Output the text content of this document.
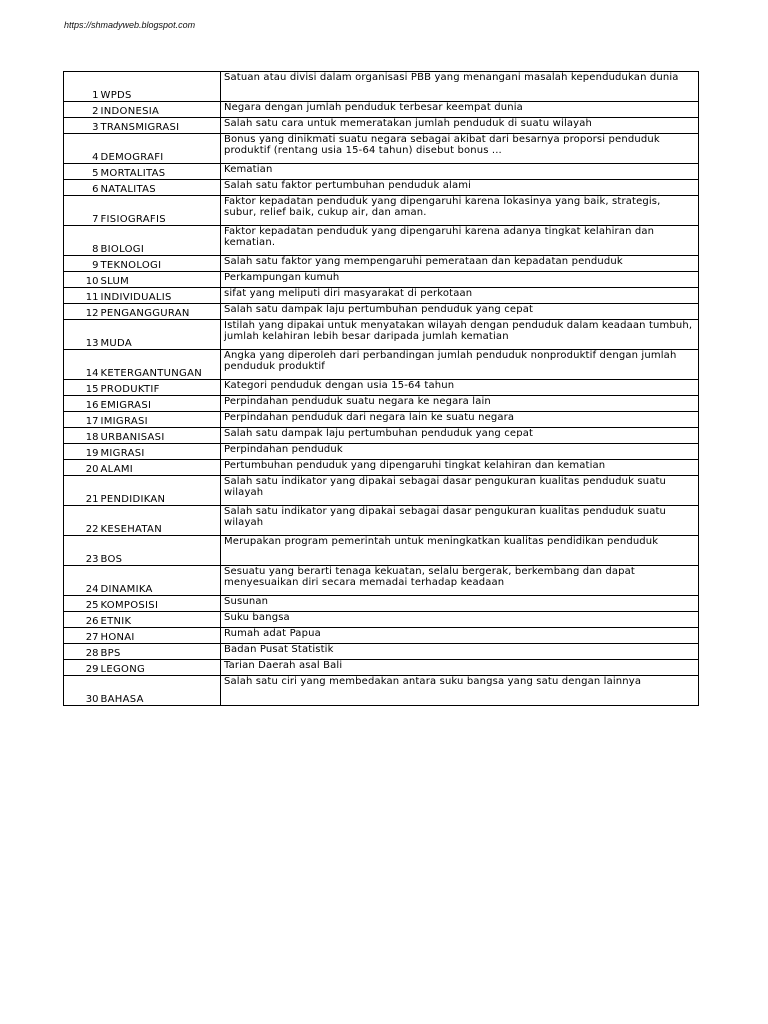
https://shmadyweb.blogspot.com
1	WPDS	Satuan atau divisi dalam organisasi PBB yang menangani masalah kependudukan dunia
2	INDONESIA	Negara dengan jumlah penduduk terbesar keempat dunia
3	TRANSMIGRASI	Salah satu cara untuk memeratakan jumlah penduduk di suatu wilayah
4	DEMOGRAFI	Bonus yang dinikmati suatu negara sebagai akibat dari besarnya proporsi penduduk produktif (rentang usia 15-64 tahun) disebut bonus ...
5	MORTALITAS	Kematian
6	NATALITAS	Salah satu faktor pertumbuhan penduduk alami
7	FISIOGRAFIS	Faktor kepadatan penduduk yang dipengaruhi karena lokasinya yang baik, strategis, subur, relief baik, cukup air, dan aman.
8	BIOLOGI	Faktor kepadatan penduduk yang dipengaruhi karena adanya tingkat kelahiran dan kematian.
9	TEKNOLOGI	Salah satu faktor yang mempengaruhi pemerataan dan kepadatan penduduk
10	SLUM	Perkampungan kumuh
11	INDIVIDUALIS	sifat yang meliputi diri masyarakat di perkotaan
12	PENGANGGURAN	Salah satu dampak laju pertumbuhan penduduk yang cepat
13	MUDA	Istilah yang dipakai untuk menyatakan wilayah dengan penduduk dalam keadaan tumbuh, jumlah kelahiran lebih besar daripada jumlah kematian
14	KETERGANTUNGAN	Angka yang diperoleh dari perbandingan jumlah penduduk nonproduktif dengan jumlah penduduk produktif
15	PRODUKTIF	Kategori penduduk dengan usia 15-64 tahun
16	EMIGRASI	Perpindahan penduduk suatu negara ke negara lain
17	IMIGRASI	Perpindahan penduduk dari negara lain ke suatu negara
18	URBANISASI	Salah satu dampak laju pertumbuhan penduduk yang cepat
19	MIGRASI	Perpindahan penduduk
20	ALAMI	Pertumbuhan penduduk yang dipengaruhi tingkat kelahiran dan kematian
21	PENDIDIKAN	Salah satu indikator yang dipakai sebagai dasar pengukuran kualitas penduduk suatu wilayah
22	KESEHATAN	Salah satu indikator yang dipakai sebagai dasar pengukuran kualitas penduduk suatu wilayah
23	BOS	Merupakan program pemerintah untuk meningkatkan kualitas pendidikan penduduk
24	DINAMIKA	Sesuatu yang berarti tenaga kekuatan, selalu bergerak, berkembang dan dapat menyesuaikan diri secara memadai terhadap keadaan
25	KOMPOSISI	Susunan
26	ETNIK	Suku bangsa
27	HONAI	Rumah adat Papua
28	BPS	Badan Pusat Statistik
29	LEGONG	Tarian Daerah asal Bali
30	BAHASA	Salah satu ciri yang membedakan antara suku bangsa yang satu dengan lainnya
